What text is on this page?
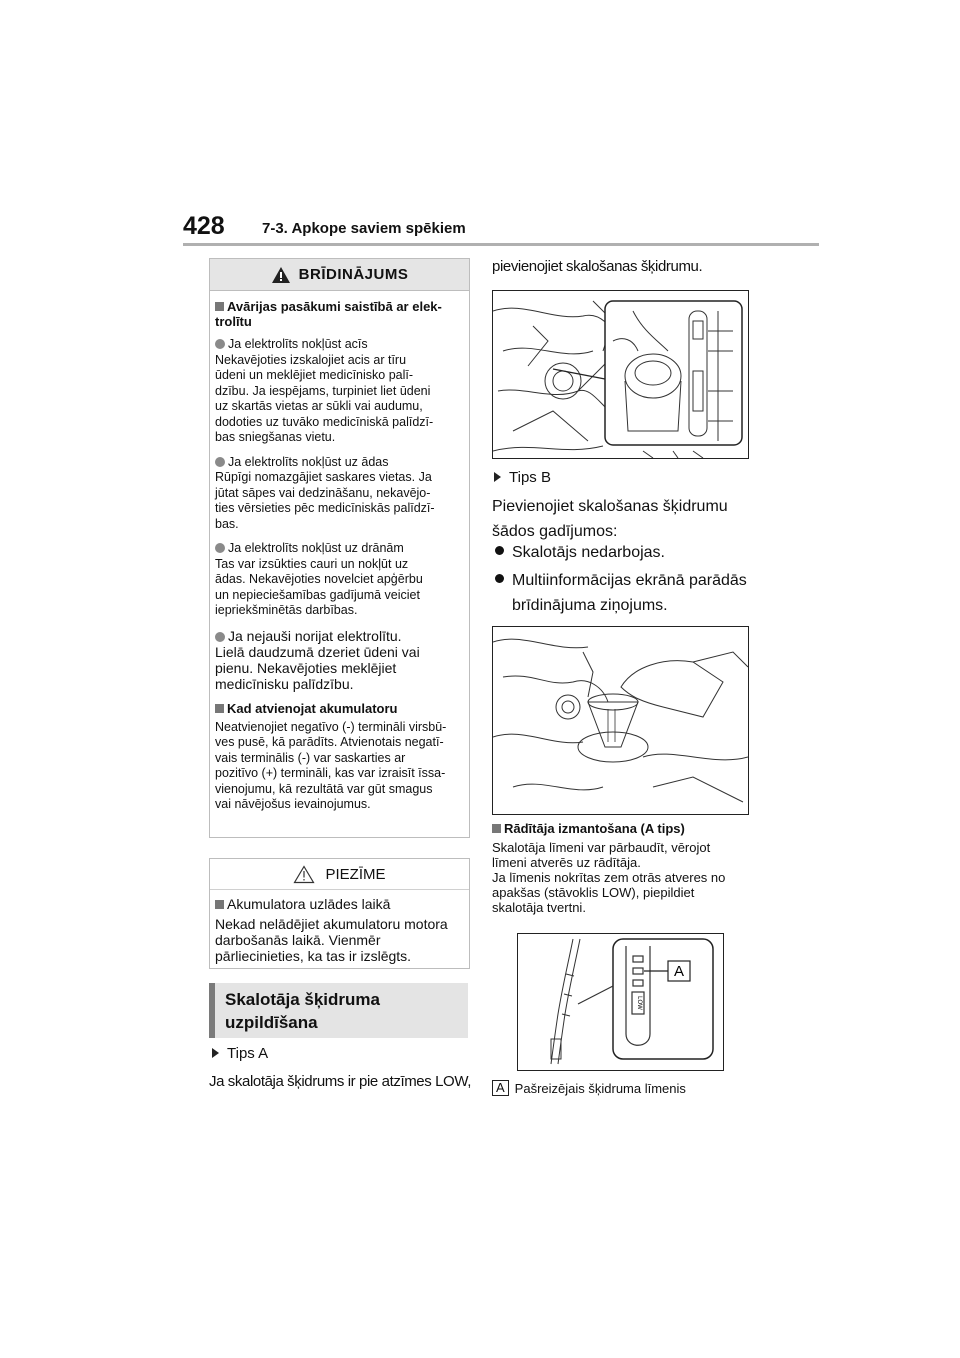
428 7-3. Apkope saviem spēkiem
BRĪDINĀJUMS
Avārijas pasākumi saistībā ar elek-
trolītu
Ja elektrolīts nokļūst acīs
Nekavējoties izskalojiet acis ar tīru
ūdeni un meklējiet medicīnisko palī-
dzību. Ja iespējams, turpiniet liet ūdeni
uz skartās vietas ar sūkli vai audumu,
dodoties uz tuvāko medicīniskā palīdzī-
bas sniegšanas vietu.
Ja elektrolīts nokļūst uz ādas
Rūpīgi nomazgājiet saskares vietas. Ja
jūtat sāpes vai dedzināšanu, nekavējo-
ties vērsieties pēc medicīniskās palīdzī-
bas.
Ja elektrolīts nokļūst uz drānām
Tas var izsūkties cauri un nokļūt uz
ādas. Nekavējoties novelciet apģērbu
un nepieciešamības gadījumā veiciet
iepriekšminētās darbības.
Ja nejauši norijat elektrolītu.
Lielā daudzumā dzeriet ūdeni vai
pienu. Nekavējoties meklējiet
medicīnisku palīdzību.
Kad atvienojat akumulatoru
Neatvienojiet negatīvo (-) termināli virsbū-
ves pusē, kā parādīts. Atvienotais negatī-
vais terminālis (-) var saskarties ar
pozitīvo (+) termināli, kas var izraisīt īssa-
vienojumu, kā rezultātā var gūt smagus
vai nāvējošus ievainojumus.
PIEZĪME
Akumulatora uzlādes laikā
Nekad nelādējiet akumulatoru motora
darbošanās laikā. Vienmēr
pārliecinieties, ka tas ir izslēgts.
Skalotāja šķidruma
uzpildīšana
Tips A
Ja skalotāja šķidrums ir pie atzīmes LOW,
pievienojiet skalošanas šķidrumu.
Tips B
Pievienojiet skalošanas šķidrumu
šādos gadījumos:
Skalotājs nedarbojas.
Multiinformācijas ekrānā parādās
brīdinājuma ziņojums.
Rādītāja izmantošana (A tips)
Skalotāja līmeni var pārbaudīt, vērojot
līmeni atverēs uz rādītāja.
Ja līmenis nokrītas zem otrās atveres no
apakšas (stāvoklis LOW), piepildiet
skalotāja tvertni.
A
LOW
A Pašreizējais šķidruma līmenis
